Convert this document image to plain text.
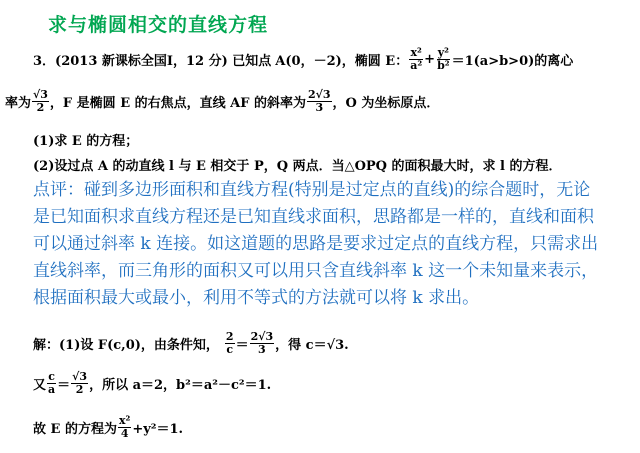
求与椭圆相交的直线方程
3．(2013 新课标全国Ⅰ，12 分) 已知点 A(0，－2)，椭圆 E： $\frac{\text{x²}}{\text{a²}} + \frac{\text{y²}}{\text{b²}} =1(a>b>0)$的离心
率为 $\frac{√3}{2}$ ，F 是椭圆 E 的右焦点，直线 AF 的斜率为 $\frac{2√3}{3}$ ，O 为坐标原点．
(1)求 E 的方程；
(2)设过点 A 的动直线 l 与 E 相交于 P，Q 两点．当△OPQ 的面积最大时，求 l 的方程．
点评：碰到多边形面积和直线方程(特别是过定点的直线)的综合题时，无论
是已知面积求直线方程还是已知直线求面积，思路都是一样的，直线和面积
可以通过斜率 k 连接。如这道题的思路是要求过定点的直线方程，只需求出
直线斜率，而三角形的面积又可以用只含直线斜率 k 这一个未知量来表示，
根据面积最大或最小，利用不等式的方法就可以将 k 求出。
解：(1)设 F(c,0)，由条件知， $\frac{2}{c} = \frac{2√3}{3}$ ，得 c＝√3.
又 $\frac{c}{a} = \frac{√3}{2}$ ，所以 a＝2，b²＝a²－c²＝1.
故 E 的方程为 $\frac{\text{x²}}{4} +y^2=1$.
